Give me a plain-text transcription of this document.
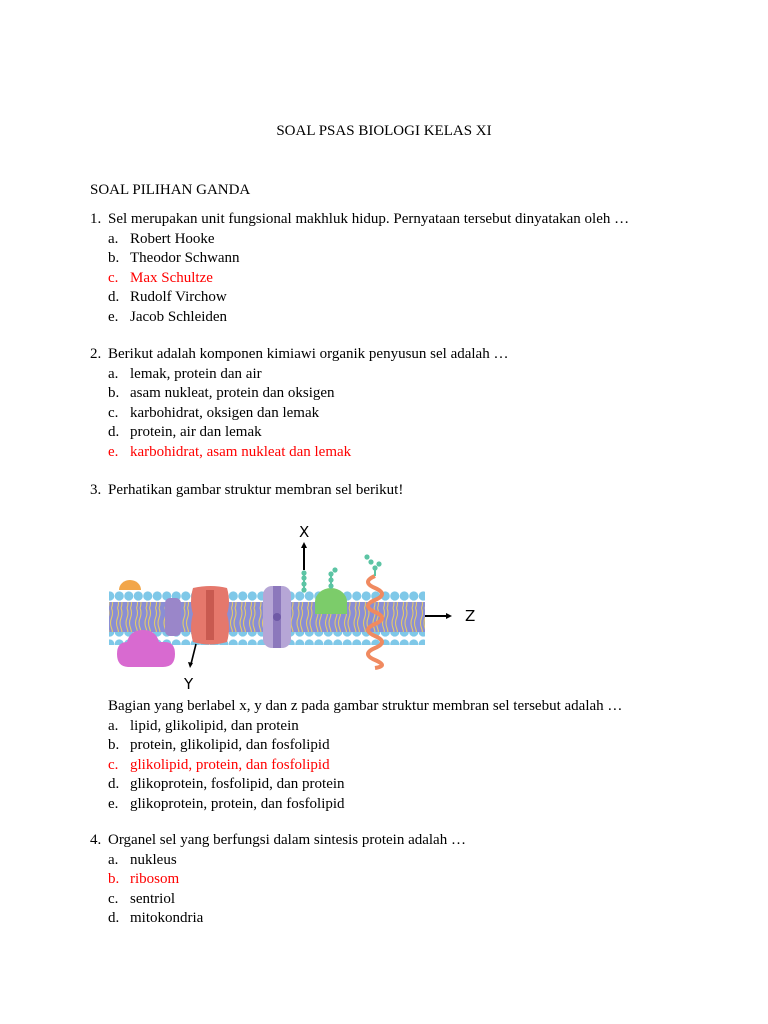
SOAL PSAS BIOLOGI KELAS XI
SOAL PILIHAN GANDA
1. Sel merupakan unit fungsional makhluk hidup. Pernyataan tersebut dinyatakan oleh …
a. Robert Hooke
b. Theodor Schwann
c. Max Schultze
d. Rudolf Virchow
e. Jacob Schleiden
2. Berikut adalah komponen kimiawi organik penyusun sel adalah …
a. lemak, protein dan air
b. asam nukleat, protein dan oksigen
c. karbohidrat, oksigen dan lemak
d. protein, air dan lemak
e. karbohidrat, asam nukleat dan lemak
3. Perhatikan gambar struktur membran sel berikut!
X
Y
Z
Bagian yang berlabel x, y dan z pada gambar struktur membran sel tersebut adalah …
a. lipid, glikolipid, dan protein
b. protein, glikolipid, dan fosfolipid
c. glikolipid, protein, dan fosfolipid
d. glikoprotein, fosfolipid, dan protein
e. glikoprotein, protein, dan fosfolipid
4. Organel sel yang berfungsi dalam sintesis protein adalah …
a. nukleus
b. ribosom
c. sentriol
d. mitokondria
